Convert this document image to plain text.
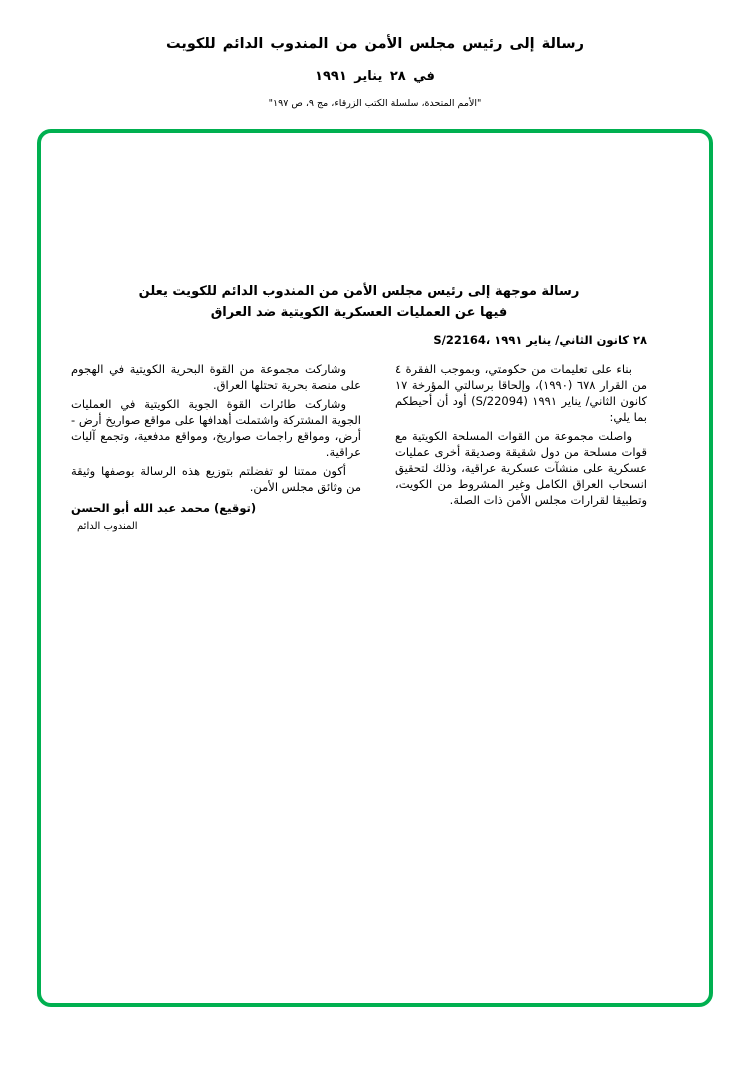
رسالة إلى رئيس مجلس الأمن من المندوب الدائم للكويت
في ٢٨ يناير ١٩٩١
"الأمم المتحدة، سلسلة الكتب الزرقاء، مج ٩، ص ١٩٧"
رسالة موجهة إلى رئيس مجلس الأمن من المندوب الدائم للكويت يعلن
فيها عن العمليات العسكرية الكويتية ضد العراق
S/22164، ٢٨ كانون الثاني/ يناير ١٩٩١

بناء على تعليمات من حكومتي، وبموجب الفقرة ٤ من القرار ٦٧٨ (١٩٩٠)، وإلحاقا برسالتي المؤرخة ١٧ كانون الثاني/ يناير ١٩٩١ (S/22094) أود أن أحيطكم بما يلي:

واصلت مجموعة من القوات المسلحة الكويتية مع قوات مسلحة من دول شقيقة وصديقة أخرى عمليات عسكرية على منشآت عسكرية عراقية، وذلك لتحقيق انسحاب العراق الكامل وغير المشروط من الكويت، وتطبيقا لقرارات مجلس الأمن ذات الصلة.

وشاركت مجموعة من القوة البحرية الكويتية في الهجوم على منصة بحرية تحتلها العراق.

وشاركت طائرات القوة الجوية الكويتية في العمليات الجوية المشتركة واشتملت أهدافها على مواقع صواريخ أرض - أرض، ومواقع راجمات صواريخ، ومواقع مدفعية، وتجمع آليات عراقية.

أكون ممتنا لو تفضلتم بتوزيع هذه الرسالة بوصفها وثيقة من وثائق مجلس الأمن.

(توقيع) محمد عبد الله أبو الحسن

المندوب الدائم
